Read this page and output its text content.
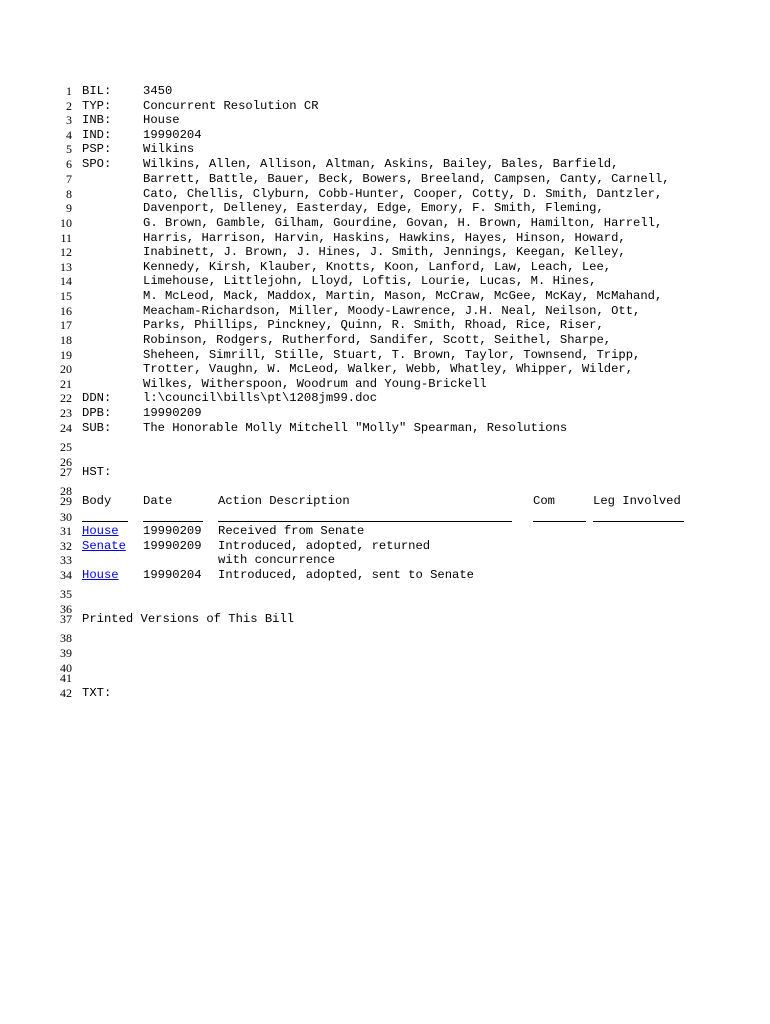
1
2
3
4
5
6
7
8
9
10
11
12
13
14
15
16
17
18
19
20
21
22
23
24
25
26
27
28
29
30
31
32
33
34
35
36
37
38
39
40
41
42
BIL:	3450
TYP:	Concurrent Resolution CR
INB:	House
IND:	19990204
PSP:	Wilkins
SPO:	Wilkins, Allen, Allison, Altman, Askins, Bailey, Bales, Barfield,
Barrett, Battle, Bauer, Beck, Bowers, Breeland, Campsen, Canty, Carnell,
Cato, Chellis, Clyburn, Cobb-Hunter, Cooper, Cotty, D. Smith, Dantzler,
Davenport, Delleney, Easterday, Edge, Emory, F. Smith, Fleming,
G. Brown, Gamble, Gilham, Gourdine, Govan, H. Brown, Hamilton, Harrell,
Harris, Harrison, Harvin, Haskins, Hawkins, Hayes, Hinson, Howard,
Inabinett, J. Brown, J. Hines, J. Smith, Jennings, Keegan, Kelley,
Kennedy, Kirsh, Klauber, Knotts, Koon, Lanford, Law, Leach, Lee,
Limehouse, Littlejohn, Lloyd, Loftis, Lourie, Lucas, M. Hines,
M. McLeod, Mack, Maddox, Martin, Mason, McCraw, McGee, McKay, McMahand,
Meacham-Richardson, Miller, Moody-Lawrence, J.H. Neal, Neilson, Ott,
Parks, Phillips, Pinckney, Quinn, R. Smith, Rhoad, Rice, Riser,
Robinson, Rodgers, Rutherford, Sandifer, Scott, Seithel, Sharpe,
Sheheen, Simrill, Stille, Stuart, T. Brown, Taylor, Townsend, Tripp,
Trotter, Vaughn, W. McLeod, Walker, Webb, Whatley, Whipper, Wilder,
Wilkes, Witherspoon, Woodrum and Young-Brickell
DDN:	l:\council\bills\pt\1208jm99.doc
DPB:	19990209
SUB:	The Honorable Molly Mitchell "Molly" Spearman, Resolutions
HST:
Body	Date	Action Description	Com	Leg Involved
House 19990209 Received from Senate
Senate 19990209 Introduced, adopted, returned
with concurrence
House 19990204 Introduced, adopted, sent to Senate
Printed Versions of This Bill
TXT:
